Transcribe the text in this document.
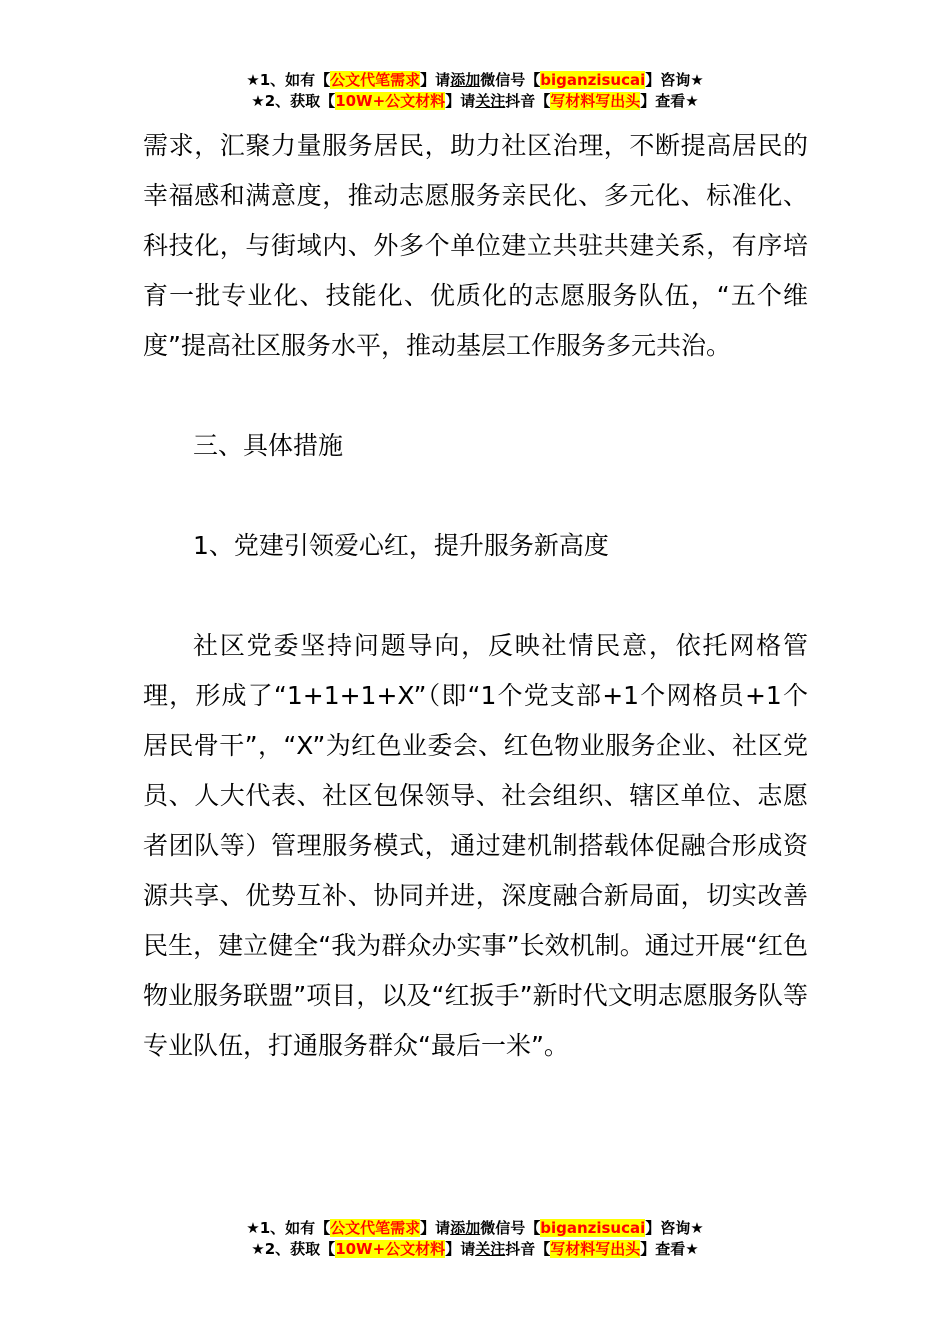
★1、如有【公文代笔需求】请添加微信号【biganzisucai】咨询★
★2、获取【10W+公文材料】请关注抖音【写材料写出头】查看★

需求，汇聚力量服务居民，助力社区治理，不断提高居民的幸福感和满意度，推动志愿服务亲民化、多元化、标准化、科技化，与街域内、外多个单位建立共驻共建关系，有序培育一批专业化、技能化、优质化的志愿服务队伍，“五个维度”提高社区服务水平，推动基层工作服务多元共治。

三、具体措施

1、党建引领爱心红，提升服务新高度

社区党委坚持问题导向，反映社情民意，依托网格管理，形成了“1+1+1+X”（即“1个党支部+1个网格员+1个居民骨干”，“X”为红色业委会、红色物业服务企业、社区党员、人大代表、社区包保领导、社会组织、辖区单位、志愿者团队等）管理服务模式，通过建机制搭载体促融合形成资源共享、优势互补、协同并进，深度融合新局面，切实改善民生，建立健全“我为群众办实事”长效机制。通过开展“红色物业服务联盟”项目，以及“红扳手”新时代文明志愿服务队等专业队伍，打通服务群众“最后一米”。

★1、如有【公文代笔需求】请添加微信号【biganzisucai】咨询★
★2、获取【10W+公文材料】请关注抖音【写材料写出头】查看★
